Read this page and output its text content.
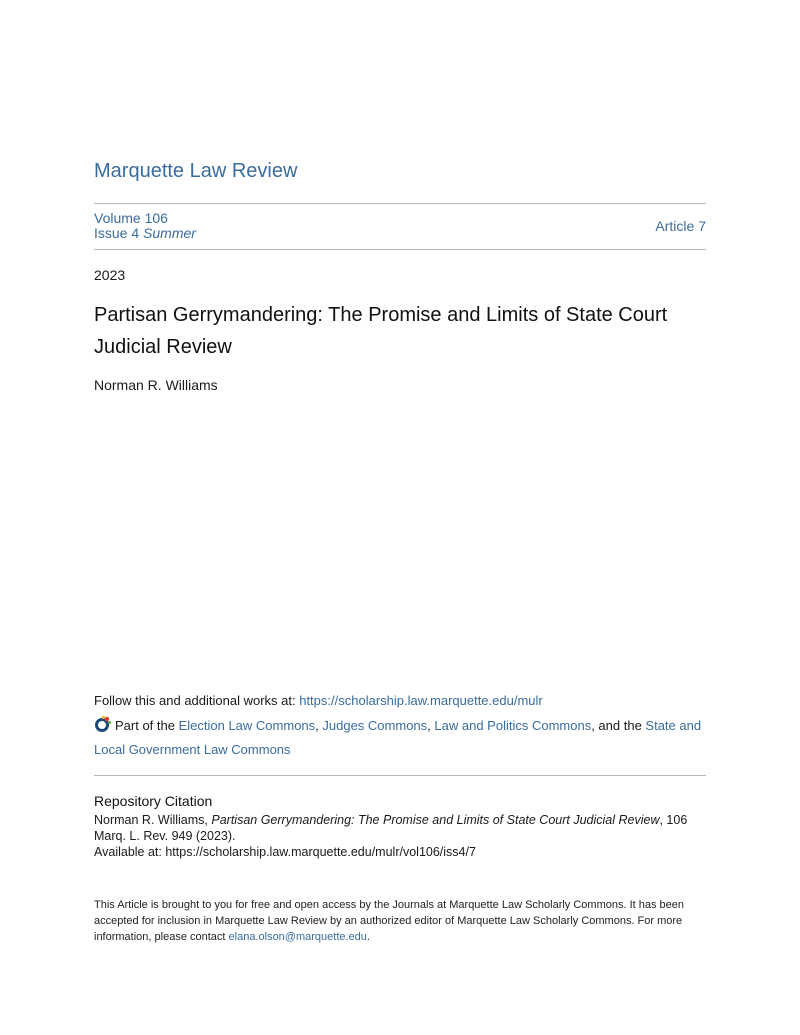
Marquette Law Review
Volume 106
Issue 4 Summer	Article 7
2023
Partisan Gerrymandering: The Promise and Limits of State Court Judicial Review
Norman R. Williams
Follow this and additional works at: https://scholarship.law.marquette.edu/mulr
Part of the Election Law Commons, Judges Commons, Law and Politics Commons, and the State and Local Government Law Commons
Repository Citation
Norman R. Williams, Partisan Gerrymandering: The Promise and Limits of State Court Judicial Review, 106 Marq. L. Rev. 949 (2023).
Available at: https://scholarship.law.marquette.edu/mulr/vol106/iss4/7
This Article is brought to you for free and open access by the Journals at Marquette Law Scholarly Commons. It has been accepted for inclusion in Marquette Law Review by an authorized editor of Marquette Law Scholarly Commons. For more information, please contact elana.olson@marquette.edu.
